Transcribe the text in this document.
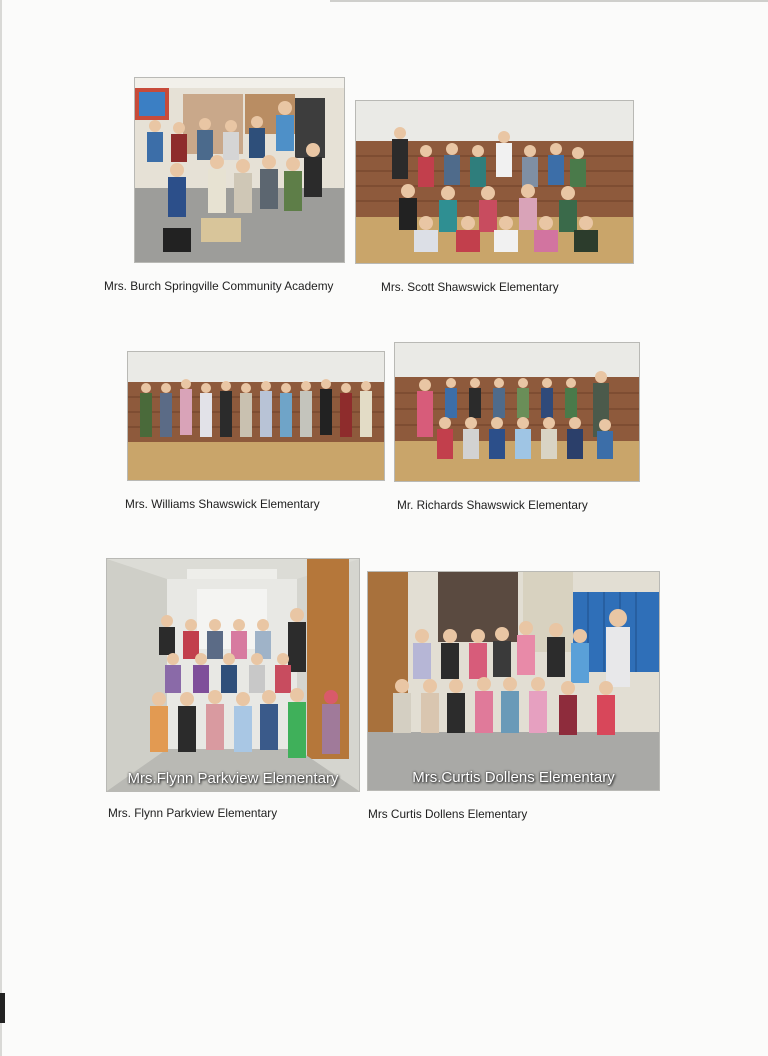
Mrs. Burch Springville Community Academy	Mrs. Scott Shawswick Elementary
Mrs. Williams Shawswick Elementary	Mr. Richards Shawswick Elementary
Mrs.Flynn Parkview Elementary
Mrs. Flynn Parkview Elementary
Mrs.Curtis Dollens Elementary
Mrs Curtis Dollens Elementary
